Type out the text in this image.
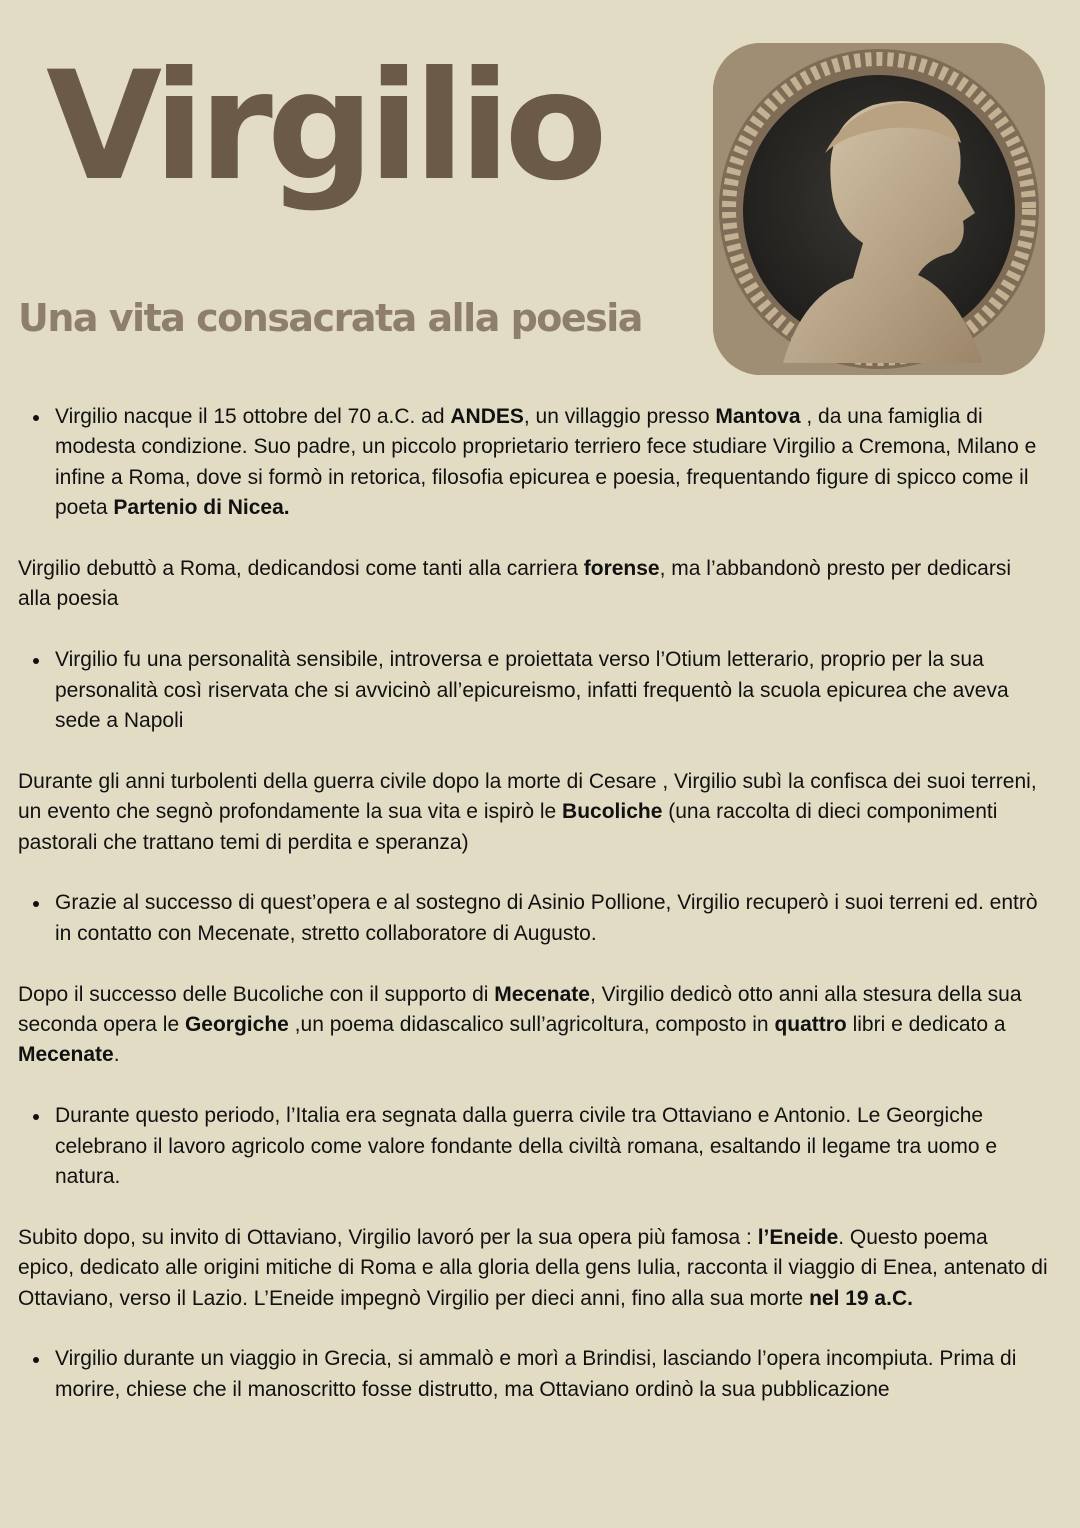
Virgilio
Una vita consacrata alla poesia
Virgilio nacque il 15 ottobre del 70 a.C. ad ANDES, un villaggio presso Mantova , da una famiglia di modesta condizione. Suo padre, un piccolo proprietario terriero fece studiare Virgilio a Cremona, Milano e infine a Roma, dove si formò in retorica, filosofia epicurea e poesia, frequentando figure di spicco come il poeta Partenio di Nicea.
Virgilio debuttò a Roma, dedicandosi come tanti alla carriera forense, ma l’abbandonò presto per dedicarsi alla poesia
Virgilio fu una personalità sensibile, introversa e proiettata verso l’Otium letterario, proprio per la sua personalità così riservata che si avvicinò all’epicureismo, infatti frequentò la scuola epicurea che aveva sede a Napoli
Durante gli anni turbolenti della guerra civile dopo la morte di Cesare , Virgilio subì la confisca dei suoi terreni, un evento che segnò profondamente la sua vita e ispirò le Bucoliche (una raccolta di dieci componimenti pastorali che trattano temi di perdita e speranza)
Grazie al successo di quest’opera e al sostegno di Asinio Pollione, Virgilio recuperò i suoi terreni ed. entrò in contatto con Mecenate, stretto collaboratore di Augusto.
Dopo il successo delle Bucoliche con il supporto di Mecenate, Virgilio dedicò otto anni alla stesura della sua seconda opera le Georgiche ,un poema didascalico sull’agricoltura, composto in quattro libri e dedicato a Mecenate.
Durante questo periodo, l’Italia era segnata dalla guerra civile tra Ottaviano e Antonio. Le Georgiche celebrano il lavoro agricolo come valore fondante della civiltà romana, esaltando il legame tra uomo e natura.
Subito dopo, su invito di Ottaviano, Virgilio lavoró per la sua opera più famosa : l’Eneide. Questo poema epico, dedicato alle origini mitiche di Roma e alla gloria della gens Iulia, racconta il viaggio di Enea, antenato di Ottaviano, verso il Lazio. L’Eneide impegnò Virgilio per dieci anni, fino alla sua morte nel 19 a.C.
Virgilio durante un viaggio in Grecia, si ammalò e morì a Brindisi, lasciando l’opera incompiuta. Prima di morire, chiese che il manoscritto fosse distrutto, ma Ottaviano ordinò la sua pubblicazione
